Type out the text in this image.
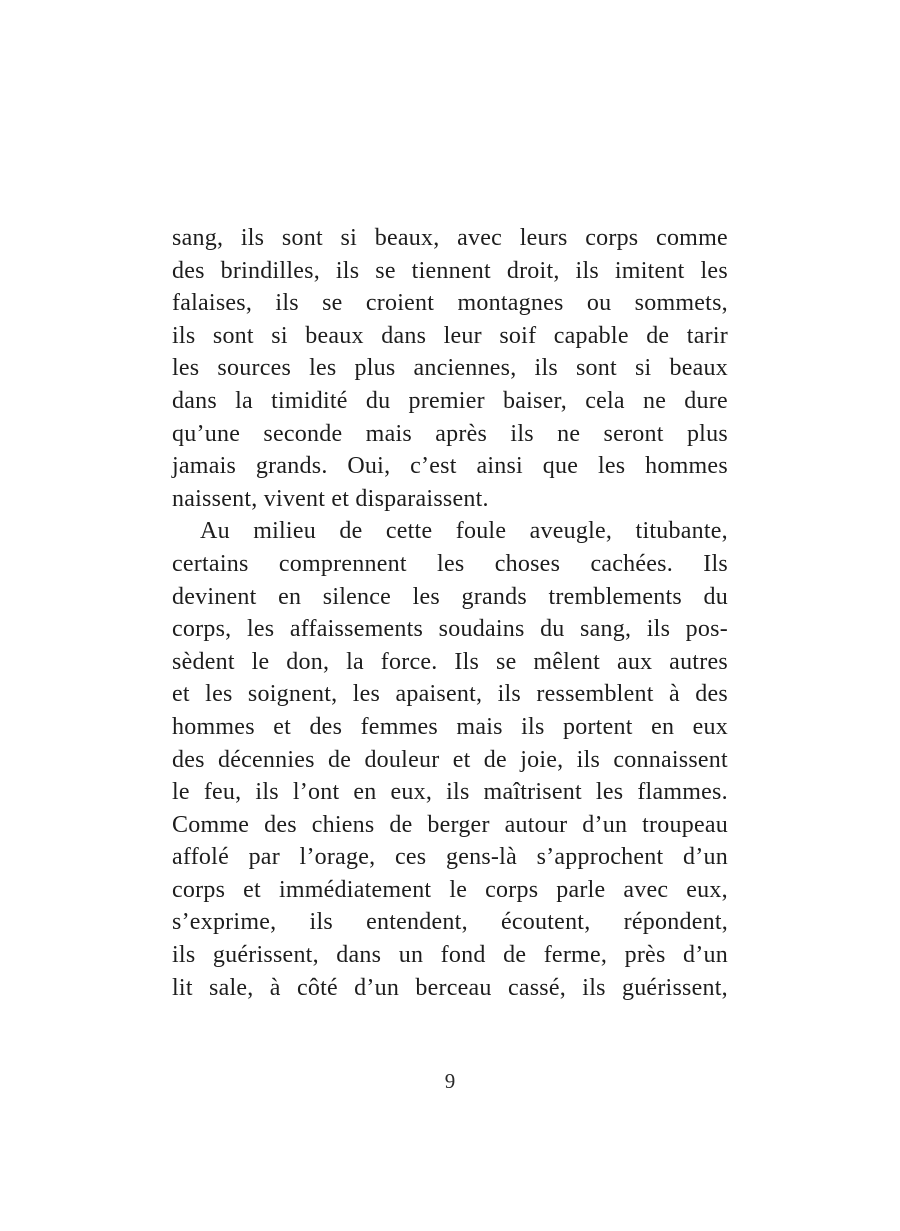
sang, ils sont si beaux, avec leurs corps comme
des brindilles, ils se tiennent droit, ils imitent les
falaises, ils se croient montagnes ou sommets,
ils sont si beaux dans leur soif capable de tarir
les sources les plus anciennes, ils sont si beaux
dans la timidité du premier baiser, cela ne dure
qu’une seconde mais après ils ne seront plus
jamais grands. Oui, c’est ainsi que les hommes
naissent, vivent et disparaissent.
Au milieu de cette foule aveugle, titubante,
certains comprennent les choses cachées. Ils
devinent en silence les grands tremblements du
corps, les affaissements soudains du sang, ils pos-
sèdent le don, la force. Ils se mêlent aux autres
et les soignent, les apaisent, ils ressemblent à des
hommes et des femmes mais ils portent en eux
des décennies de douleur et de joie, ils connaissent
le feu, ils l’ont en eux, ils maîtrisent les flammes.
Comme des chiens de berger autour d’un troupeau
affolé par l’orage, ces gens-là s’approchent d’un
corps et immédiatement le corps parle avec eux,
s’exprime, ils entendent, écoutent, répondent,
ils guérissent, dans un fond de ferme, près d’un
lit sale, à côté d’un berceau cassé, ils guérissent,
9
